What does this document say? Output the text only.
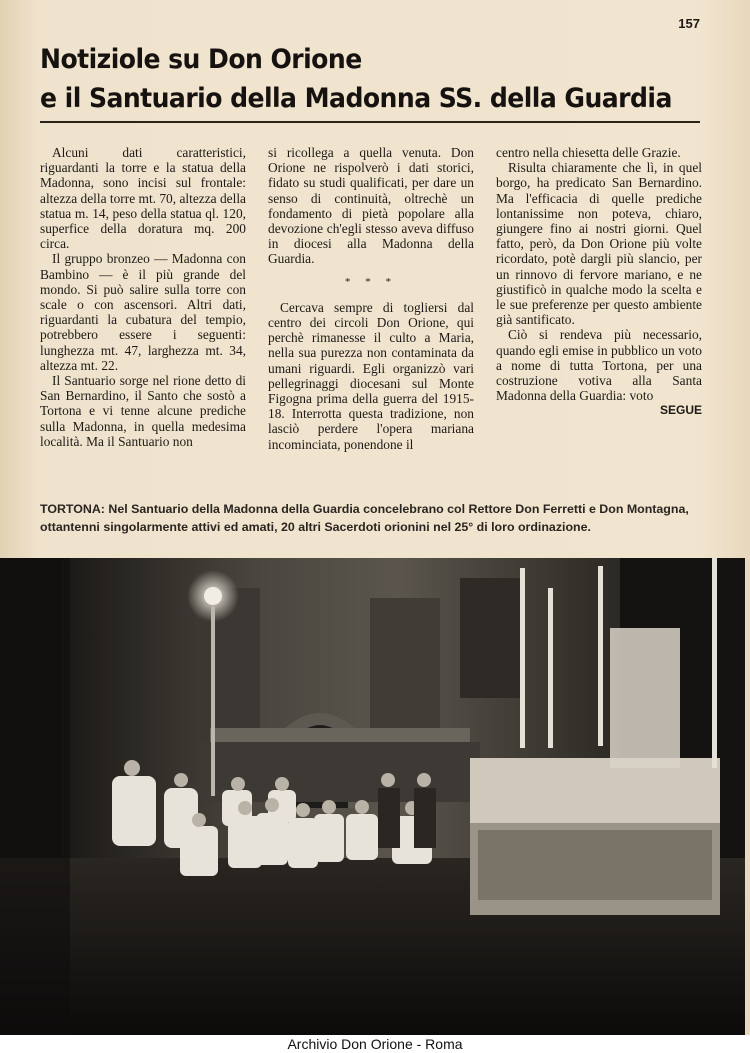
157
Notiziole su Don Orione
e il Santuario della Madonna SS. della Guardia

Alcuni dati caratteristici, riguardanti la torre e la statua della Madonna, sono incisi sul frontale: altezza della torre mt. 70, altezza della statua m. 14, peso della statua ql. 120, superfice della doratura mq. 200 circa.

Il gruppo bronzeo — Madonna con Bambino — è il più grande del mondo. Si può salire sulla torre con scale o con ascensori. Altri dati, riguardanti la cubatura del tempio, potrebbero essere i seguenti: lunghezza mt. 47, larghezza mt. 34, altezza mt. 22.

Il Santuario sorge nel rione detto di San Bernardino, il Santo che sostò a Tortona e vi tenne alcune prediche sulla Madonna, in quella medesima località. Ma il Santuario non

si ricollega a quella venuta. Don Orione ne rispolverò i dati storici, fidato su studi qualificati, per dare un senso di continuità, oltrechè un fondamento di pietà popolare alla devozione ch'egli stesso aveva diffuso in diocesi alla Madonna della Guardia.

* * *

Cercava sempre di togliersi dal centro dei circoli Don Orione, qui perchè rimanesse il culto a Maria, nella sua purezza non contaminata da umani riguardi. Egli organizzò vari pellegrinaggi diocesani sul Monte Figogna prima della guerra del 1915-18. Interrotta questa tradizione, non lasciò perdere l'opera mariana incominciata, ponendone il

centro nella chiesetta delle Grazie.

Risulta chiaramente che lì, in quel borgo, ha predicato San Bernardino. Ma l'efficacia di quelle prediche lontanissime non poteva, chiaro, giungere fino ai nostri giorni. Quel fatto, però, da Don Orione più volte ricordato, potè dargli più slancio, per un rinnovo di fervore mariano, e ne giustificò in qualche modo la scelta e le sue preferenze per questo ambiente già santificato.

Ciò si rendeva più necessario, quando egli emise in pubblico un voto a nome di tutta Tortona, per una costruzione votiva alla Santa Madonna della Guardia: voto

SEGUE

TORTONA: Nel Santuario della Madonna della Guardia concelebrano col Rettore Don Ferretti e Don Montagna, ottantenni singolarmente attivi ed amati, 20 altri Sacerdoti orionini nel 25° di loro ordinazione.
Archivio Don Orione - Roma
